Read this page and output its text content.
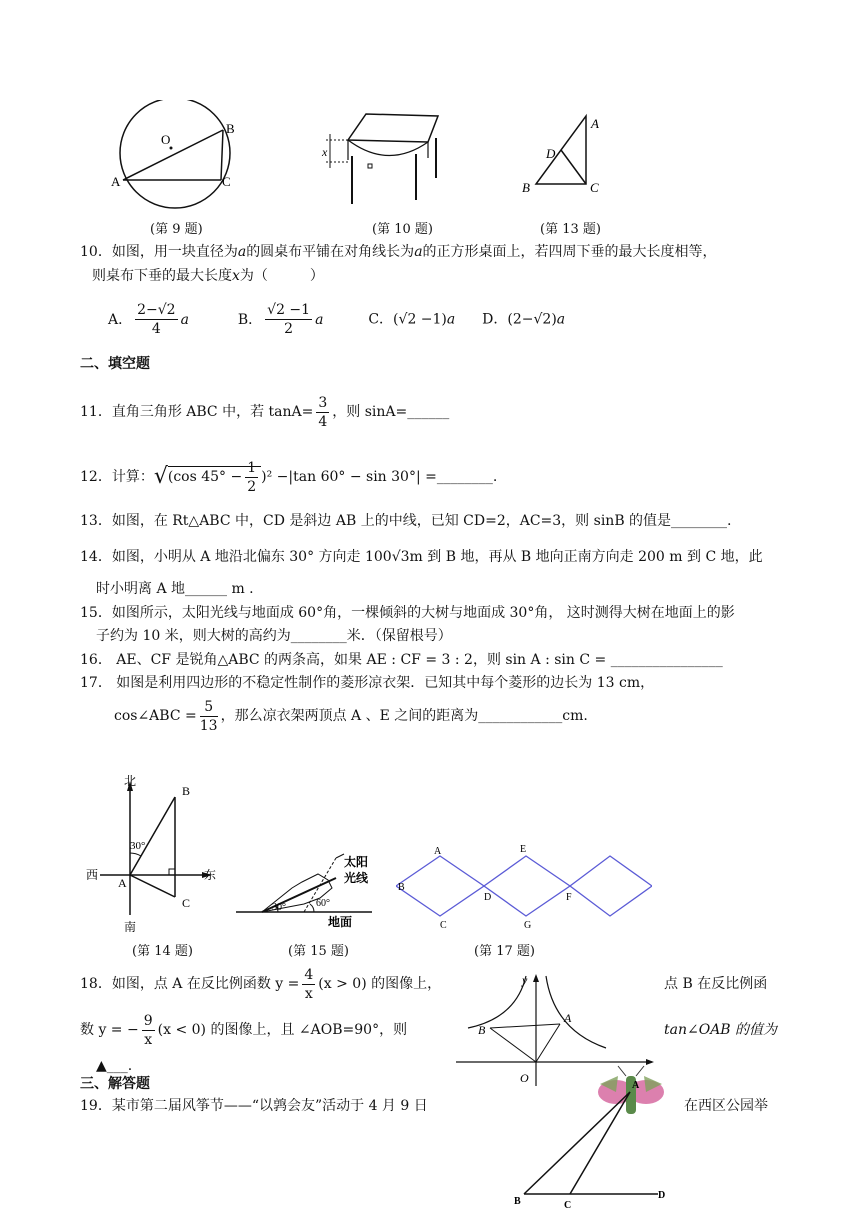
O
A
B
C
(第 9 题)
x
(第 10 题)
A
D
B	C
(第 13 题)
10．如图，用一块直径为a的圆桌布平铺在对角线长为a的正方形桌面上，若四周下垂的最大长度相等，
则桌布下垂的最大长度x为（　　　）
A． $\frac{2-√2}{4}$ a	B． $\frac{√2 -1}{2}$ a	C．(√2 −1)a D．(2−√2)a
二、填空题
11．直角三角形 ABC 中，若 $\tan A= \frac{3}{4}$ ，则 sinA=______
12．计算：√(cos $45^\circ - \frac{1}{2} )^2 -|\tan$ 60° − sin 30°| =________.
13．如图，在 Rt△ABC 中，CD 是斜边 AB 上的中线，已知 CD=2，AC=3，则 sinB 的值是________.
14．如图，小明从 A 地沿北偏东 30° 方向走 100√3m 到 B 地，再从 B 地向正南方向走 200 m 到 C 地，此
时小明离 A 地______ m .
15．如图所示，太阳光线与地面成 60°角，一棵倾斜的大树与地面成 30°角， 这时测得大树在地面上的影
子约为 10 米，则大树的高约为________米．（保留根号）
16． AE、CF 是锐角△ABC 的两条高，如果 AE : CF = 3 : 2，则 sin A : sin C = ________________
17． 如图是利用四边形的不稳定性制作的菱形凉衣架．已知其中每个菱形的边长为 13 cm，
cos∠ABC = $\frac{5}{13}$ ，那么凉衣架两顶点 A 、E 之间的距离为____________cm.
北
B
30°
西	东
A
C
南
(第 14 题)
太阳
光线
30°	60°
地面
(第 15 题)
A	E
B
D	F
C	G
(第 17 题)
18．如图，点 A 在反比例函数 $y = \frac{4}{x} (x > 0)$ 的图像上，	点 B 在反比例函
数 y = − $\frac{9}{x} (x < 0)$ 的图像上，且 ∠AOB=90°，则	tan∠OAB 的值为
▲___.
y
A
B
O
三、解答题
19．某市第二届风筝节——“以鹑会友”活动于 4 月 9 日	在西区公园举
A
B	C
D
